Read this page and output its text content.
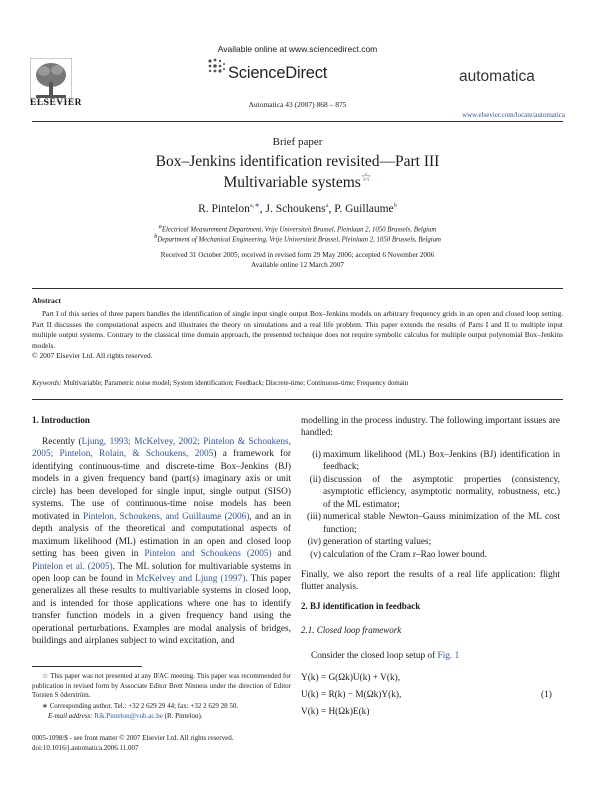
Available online at www.sciencedirect.com
ScienceDirect
Automatica 43 (2007) 868 – 875
ELSEVIER
automatica
www.elsevier.com/locate/automatica
Brief paper
Box–Jenkins identification revisited—Part III
Multivariable systems☆
R. Pintelon$^{a,∗}$, J. Schoukens$^a$, P. Guillaume$^b$
$^a$Electrical Measurement Department, Vrije Universiteit Brussel, Pleinlaan 2, 1050 Brussels, Belgium
$^b$Department of Mechanical Engineering, Vrije Universiteit Brussel, Pleinlaan 2, 1050 Brussels, Belgium
Received 31 October 2005; received in revised form 29 May 2006; accepted 6 November 2006
Available online 12 March 2007
Abstract
Part I of this series of three papers handles the identification of single input single output Box–Jenkins models on arbitrary frequency grids in an open and closed loop setting. Part II discusses the computational aspects and illustrates the theory on simulations and a real life problem. This paper extends the results of Parts I and II to multiple input multiple output systems. Contrary to the classical time domain approach, the presented technique does not require symbolic calculus for multiple output polynomial Box–Jenkins models.
© 2007 Elsevier Ltd. All rights reserved.
Keywords: Multivariable; Parametric noise model; System identification; Feedback; Discrete-time; Continuous-time; Frequency domain
1. Introduction
Recently (Ljung, 1993; McKelvey, 2002; Pintelon & Schoukens, 2005; Pintelon, Rolain, & Schoukens, 2005) a framework for identifying continuous-time and discrete-time Box–Jenkins (BJ) models in a given frequency band (part(s) imaginary axis or unit circle) has been developed for single input, single output (SISO) systems. The use of continuous-time noise models has been motivated in Pintelon, Schoukens, and Guillaume (2006), and an in depth analysis of the theoretical and computational aspects of maximum likelihood (ML) estimation in an open and closed loop setting has been given in Pintelon and Schoukens (2005) and Pintelon et al. (2005). The ML solution for multivariable systems in open loop can be found in McKelvey and Ljung (1997). This paper generalizes all these results to multivariable systems in closed loop, and is intended for those applications where one has to identify transfer function models in a given frequency band using the operational perturbations. Examples are modal analysis of bridges, buildings and airplanes subject to wind excitation, and
☆ This paper was not presented at any IFAC meeting. This paper was recommended for publication in revised form by Associate Editor Brett Ninness under the direction of Editor Torsten S öderström.
∗ Corresponding author. Tel.: +32 2 629 29 44; fax: +32 2 629 28 50.
E-mail address: Rik.Pintelon@vub.ac.be (R. Pintelon).
0005-1098/$ - see front matter © 2007 Elsevier Ltd. All rights reserved.
doi:10.1016/j.automatica.2006.11.007
modelling in the process industry. The following important issues are handled:
(i) maximum likelihood (ML) Box–Jenkins (BJ) identification in feedback;
(ii) discussion of the asymptotic properties (consistency, asymptotic efficiency, asymptotic normality, robustness, etc.) of the ML estimator;
(iii) numerical stable Newton–Gauss minimization of the ML cost function;
(iv) generation of starting values;
(v) calculation of the Cram r–Rao lower bound.
Finally, we also report the results of a real life application: flight flutter analysis.
2. BJ identification in feedback
2.1. Closed loop framework
Consider the closed loop setup of Fig. 1
Y(k) = G(Ωk)U(k) + V(k),
U(k) = R(k) − M(Ωk)Y(k),
V(k) = H(Ωk)E(k)
(1)
